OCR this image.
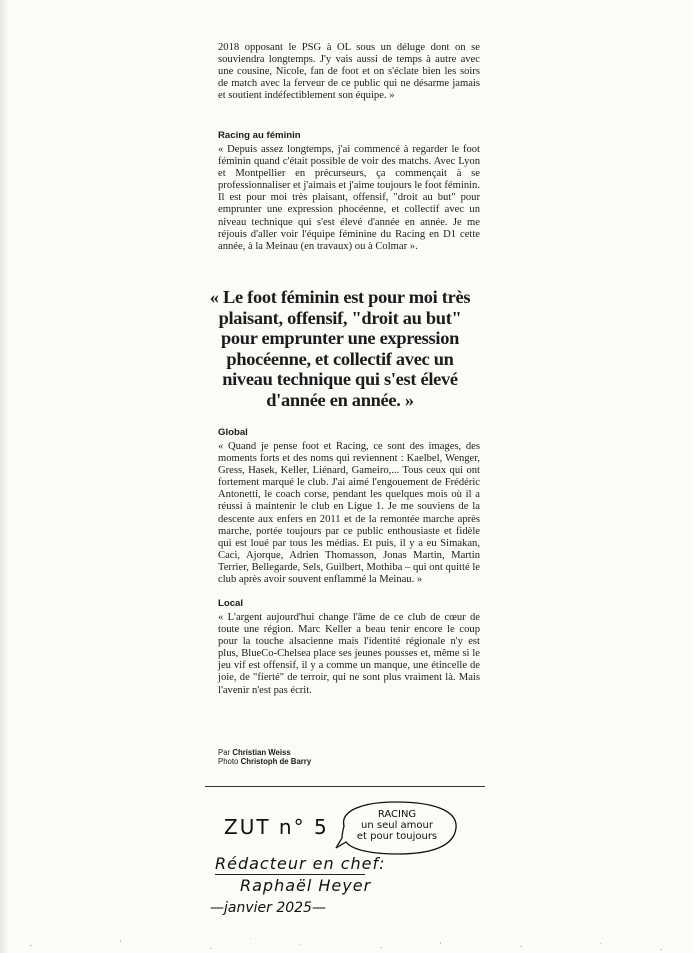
2018 opposant le PSG à OL sous un déluge dont on se souviendra longtemps. J'y vais aussi de temps à autre avec une cousine, Nicole, fan de foot et on s'éclate bien les soirs de match avec la ferveur de ce public qui ne désarme jamais et soutient indéfectiblement son équipe. »

Racing au féminin

« Depuis assez longtemps, j'ai commencé à regarder le foot féminin quand c'était possible de voir des matchs. Avec Lyon et Montpellier en précurseurs, ça commençait à se professionnaliser et j'aimais et j'aime toujours le foot féminin. Il est pour moi très plaisant, offensif, "droit au but" pour emprunter une expression phocéenne, et collectif avec un niveau technique qui s'est élevé d'année en année. Je me réjouis d'aller voir l'équipe féminine du Racing en D1 cette année, à la Meinau (en travaux) ou à Colmar ».

« Le foot féminin est pour moi très plaisant, offensif, "droit au but" pour emprunter une expression phocéenne, et collectif avec un niveau technique qui s'est élevé d'année en année. »

Global

« Quand je pense foot et Racing, ce sont des images, des moments forts et des noms qui reviennent : Kaelbel, Wenger, Gress, Hasek, Keller, Liénard, Gameiro,... Tous ceux qui ont fortement marqué le club. J'ai aimé l'engouement de Frédéric Antonetti, le coach corse, pendant les quelques mois où il a réussi à maintenir le club en Ligue 1. Je me souviens de la descente aux enfers en 2011 et de la remontée marche après marche, portée toujours par ce public enthousiaste et fidèle qui est loué par tous les médias. Et puis, il y a eu Simakan, Caci, Ajorque, Adrien Thomasson, Jonas Martin, Martin Terrier, Bellegarde, Sels, Guilbert, Mothiba – qui ont quitté le club après avoir souvent enflammé la Meinau. »

Local

« L'argent aujourd'hui change l'âme de ce club de cœur de toute une région. Marc Keller a beau tenir encore le coup pour la touche alsacienne mais l'identité régionale n'y est plus, BlueCo-Chelsea place ses jeunes pousses et, même si le jeu vif est offensif, il y a comme un manque, une étincelle de joie, de "fierté" de terroir, qui ne sont plus vraiment là. Mais l'avenir n'est pas écrit.

Par Christian Weiss
Photo Christoph de Barry
ZUT n° 5
RACING
un seul amour
et pour toujours
Rédacteur en chef:
Raphaël Heyer
—janvier 2025—
